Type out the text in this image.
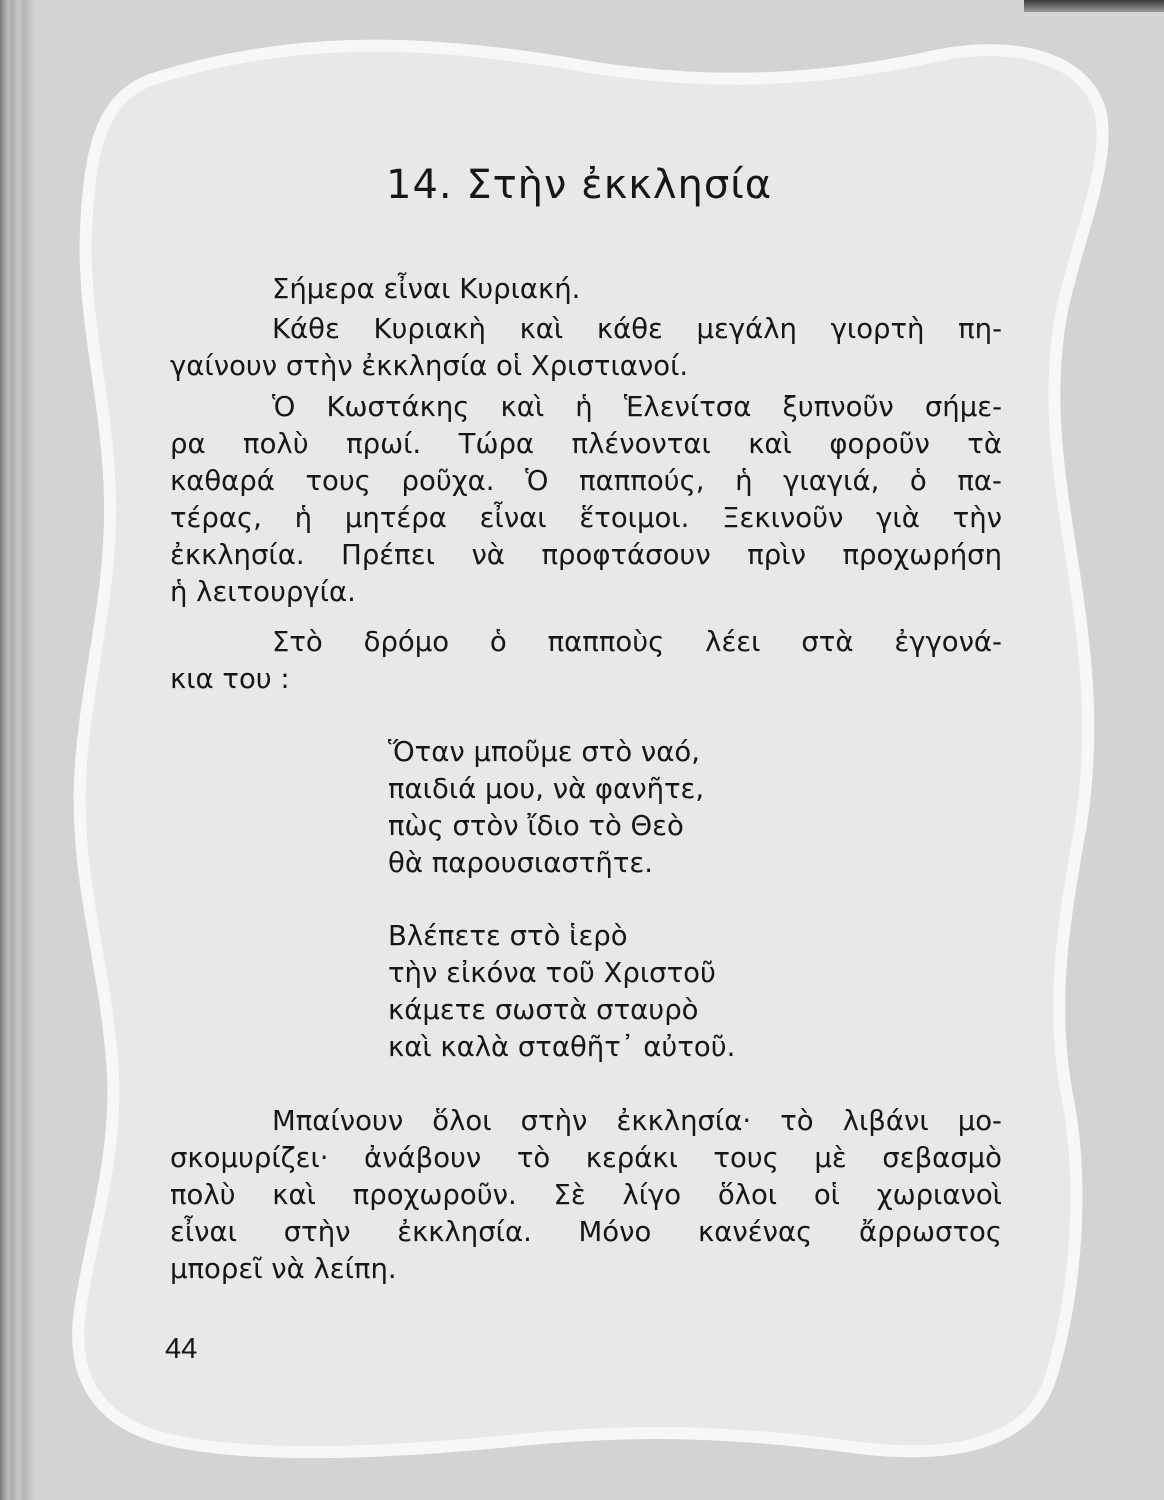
14. Στὴν ἐκκλησία
Σήμερα εἶναι Κυριακή.
Κάθε Κυριακὴ καὶ κάθε μεγάλη γιορτὴ πη-
γαίνουν στὴν ἐκκλησία οἱ Χριστιανοί.
Ὁ Κωστάκης καὶ ἡ Ἑλενίτσα ξυπνοῦν σήμε-
ρα πολὺ πρωί. Τώρα πλένονται καὶ φοροῦν τὰ
καθαρά τους ροῦχα. Ὁ παππούς, ἡ γιαγιά, ὁ πα-
τέρας, ἡ μητέρα εἶναι ἕτοιμοι. Ξεκινοῦν γιὰ τὴν
ἐκκλησία. Πρέπει νὰ προφτάσουν πρὶν προχωρήση
ἡ λειτουργία.
Στὸ δρόμο ὁ παπποὺς λέει στὰ ἐγγονά-
κια του :
Ὅταν μποῦμε στὸ ναό,
παιδιά μου, νὰ φανῆτε,
πὼς στὸν ἴδιο τὸ Θεὸ
θὰ παρουσιαστῆτε.
Βλέπετε στὸ ἱερὸ
τὴν εἰκόνα τοῦ Χριστοῦ
κάμετε σωστὰ σταυρὸ
καὶ καλὰ σταθῆτ᾽ αὐτοῦ.
Μπαίνουν ὅλοι στὴν ἐκκλησία· τὸ λιβάνι μο-
σκομυρίζει· ἀνάβουν τὸ κεράκι τους μὲ σεβασμὸ
πολὺ καὶ προχωροῦν. Σὲ λίγο ὅλοι οἱ χωριανοὶ
εἶναι στὴν ἐκκλησία. Μόνο κανένας ἄρρωστος
μπορεῖ νὰ λείπη.
44
